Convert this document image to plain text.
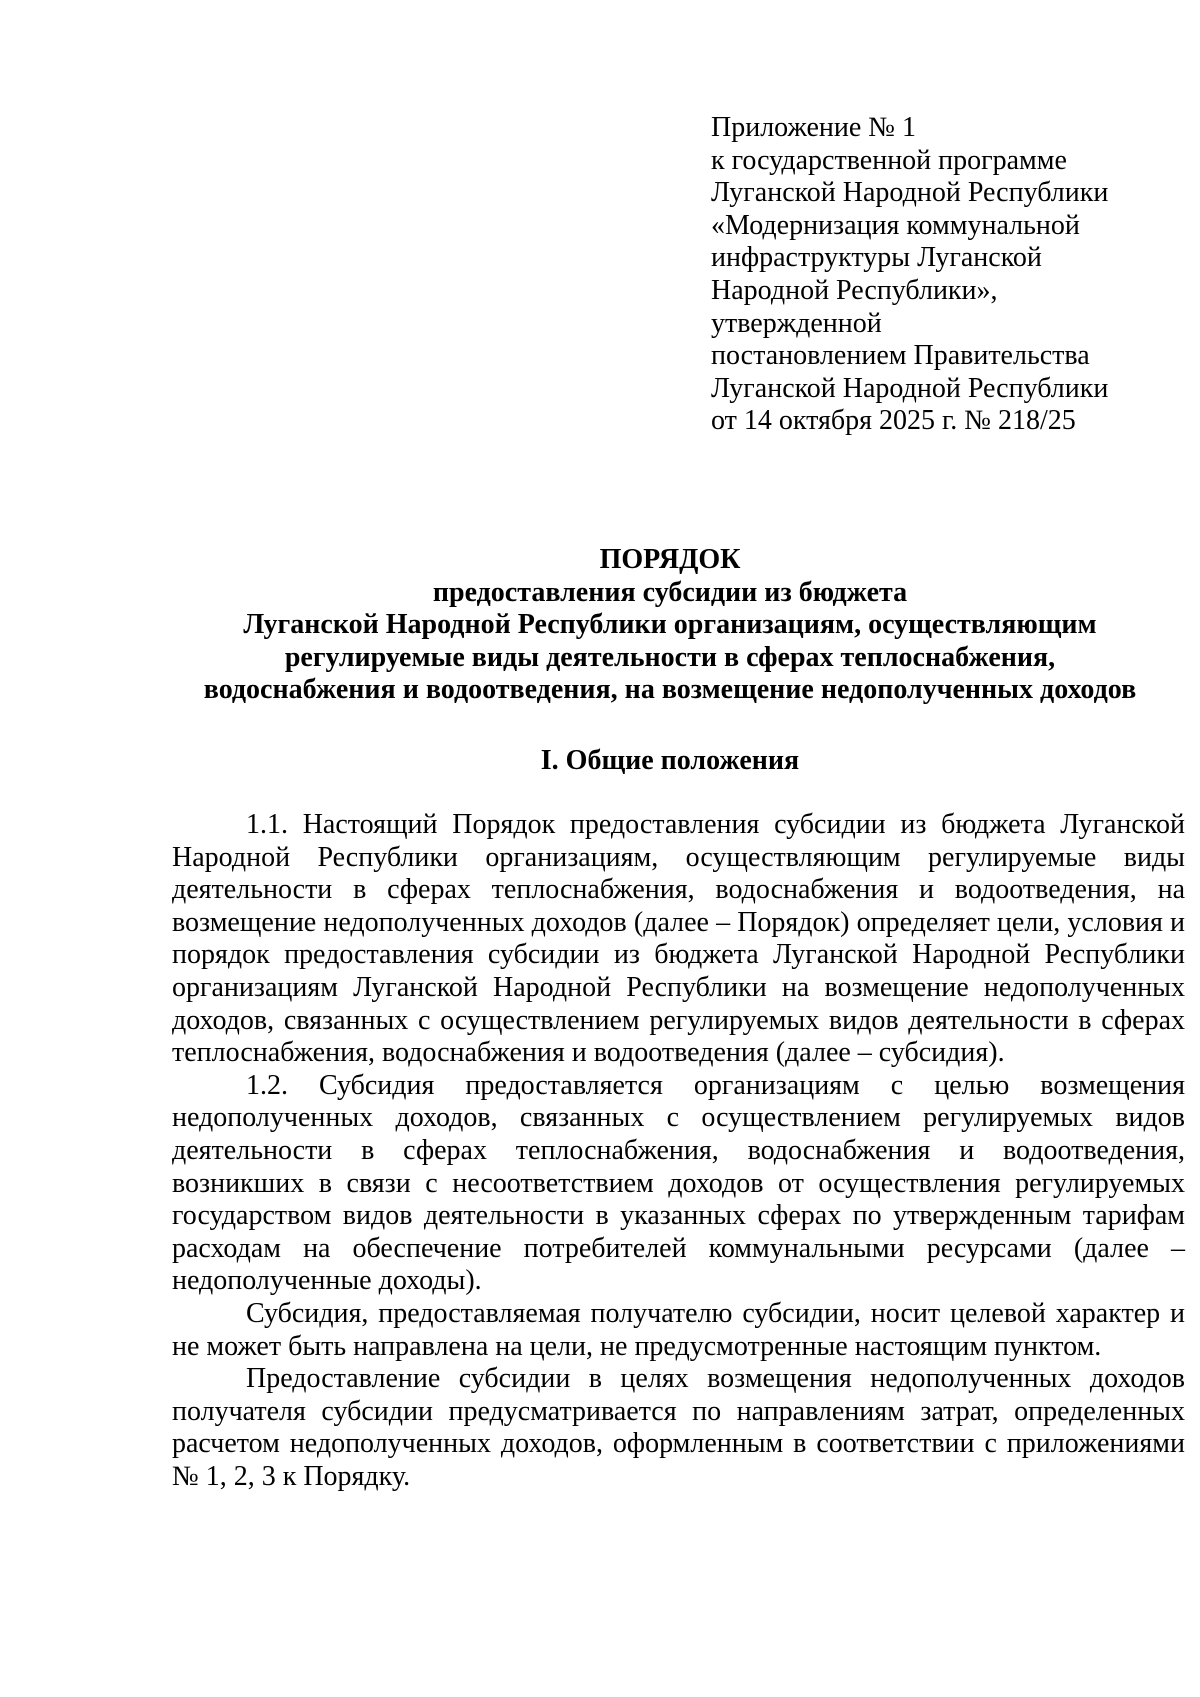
Приложение № 1
к государственной программе
Луганской Народной Республики
«Модернизация коммунальной
инфраструктуры Луганской
Народной Республики»,
утвержденной
постановлением Правительства
Луганской Народной Республики
от 14 октября 2025 г. № 218/25
ПОРЯДОК
предоставления субсидии из бюджета
Луганской Народной Республики организациям, осуществляющим
регулируемые виды деятельности в сферах теплоснабжения,
водоснабжения и водоотведения, на возмещение недополученных доходов
I. Общие положения

1.1. Настоящий Порядок предоставления субсидии из бюджета Луганской Народной Республики организациям, осуществляющим регулируемые виды деятельности в сферах теплоснабжения, водоснабжения и водоотведения, на возмещение недополученных доходов (далее – Порядок) определяет цели, условия и порядок предоставления субсидии из бюджета Луганской Народной Республики организациям Луганской Народной Республики на возмещение недополученных доходов, связанных с осуществлением регулируемых видов деятельности в сферах теплоснабжения, водоснабжения и водоотведения (далее – субсидия).

1.2. Субсидия предоставляется организациям с целью возмещения недополученных доходов, связанных с осуществлением регулируемых видов деятельности в сферах теплоснабжения, водоснабжения и водоотведения, возникших в связи с несоответствием доходов от осуществления регулируемых государством видов деятельности в указанных сферах по утвержденным тарифам расходам на обеспечение потребителей коммунальными ресурсами (далее – недополученные доходы).

Субсидия, предоставляемая получателю субсидии, носит целевой характер и не может быть направлена на цели, не предусмотренные настоящим пунктом.

Предоставление субсидии в целях возмещения недополученных доходов получателя субсидии предусматривается по направлениям затрат, определенных расчетом недополученных доходов, оформленным в соответствии с приложениями № 1, 2, 3 к Порядку.
